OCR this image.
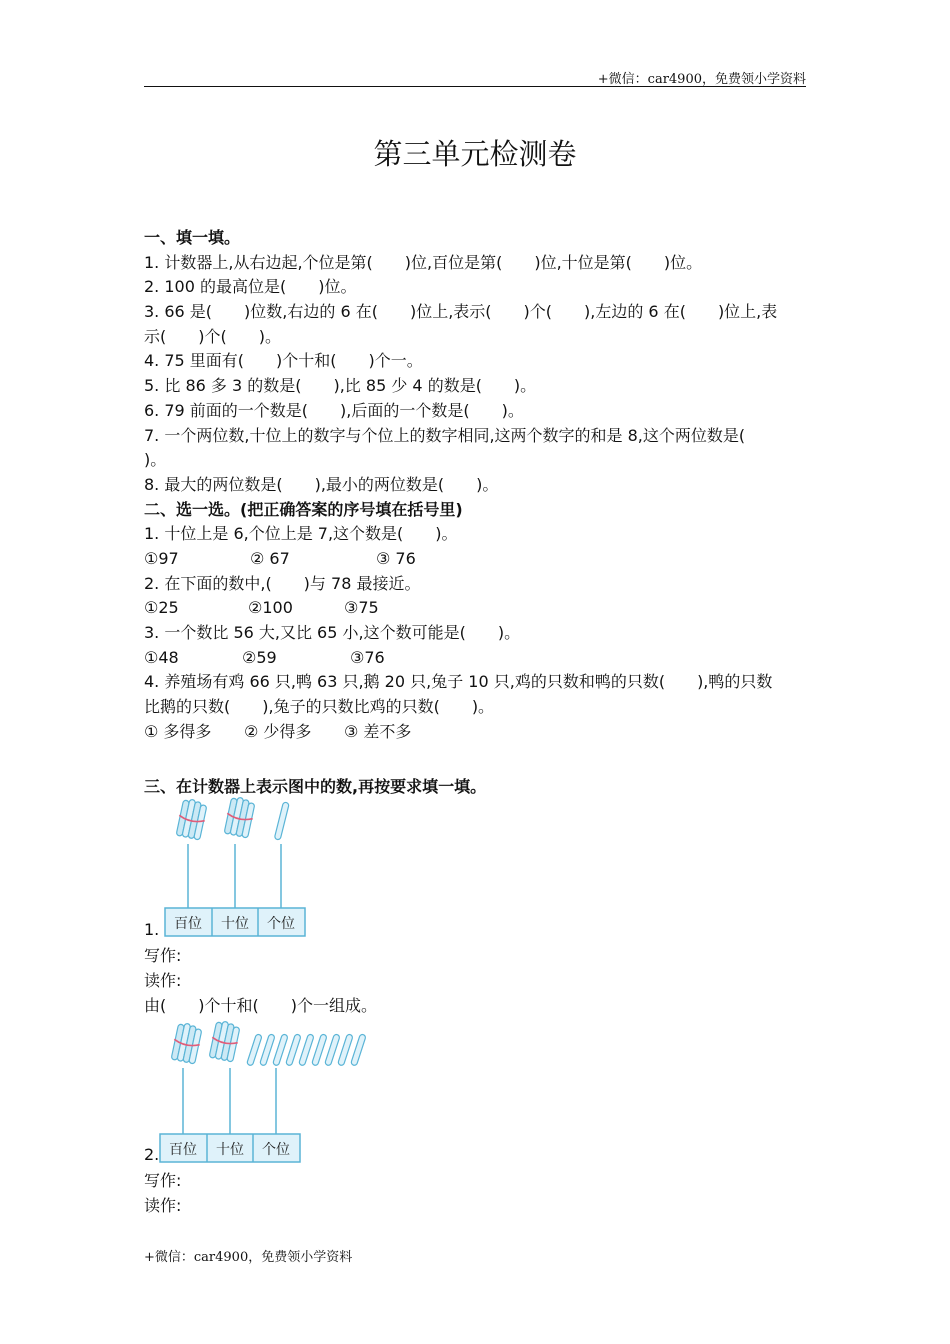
+微信：car4900，免费领小学资料
第三单元检测卷
一、填一填。
1. 计数器上,从右边起,个位是第(　　)位,百位是第(　　)位,十位是第(　　)位。
2. 100 的最高位是(　　)位。
3. 66 是(　　)位数,右边的 6 在(　　)位上,表示(　　)个(　　),左边的 6 在(　　)位上,表
示(　　)个(　　)。
4. 75 里面有(　　)个十和(　　)个一。
5. 比 86 多 3 的数是(　　),比 85 少 4 的数是(　　)。
6. 79 前面的一个数是(　　),后面的一个数是(　　)。
7. 一个两位数,十位上的数字与个位上的数字相同,这两个数字的和是 8,这个两位数是(
)。
8. 最大的两位数是(　　),最小的两位数是(　　)。
二、选一选。(把正确答案的序号填在括号里)
1. 十位上是 6,个位上是 7,这个数是(　　)。
①97	② 67	③ 76
2. 在下面的数中,(　　)与 78 最接近。
①25	②100	③75
3. 一个数比 56 大,又比 65 小,这个数可能是(　　)。
①48	②59	③76
4. 养殖场有鸡 66 只,鸭 63 只,鹅 20 只,兔子 10 只,鸡的只数和鸭的只数(　　),鸭的只数
比鹅的只数(　　),兔子的只数比鸡的只数(　　)。
① 多得多 ② 少得多 ③ 差不多
三、在计数器上表示图中的数,再按要求填一填。
百位 十位 个位
1.
写作:
读作:
由(　　)个十和(　　)个一组成。
百位 十位 个位
2.
写作:
读作:
+微信：car4900，免费领小学资料
